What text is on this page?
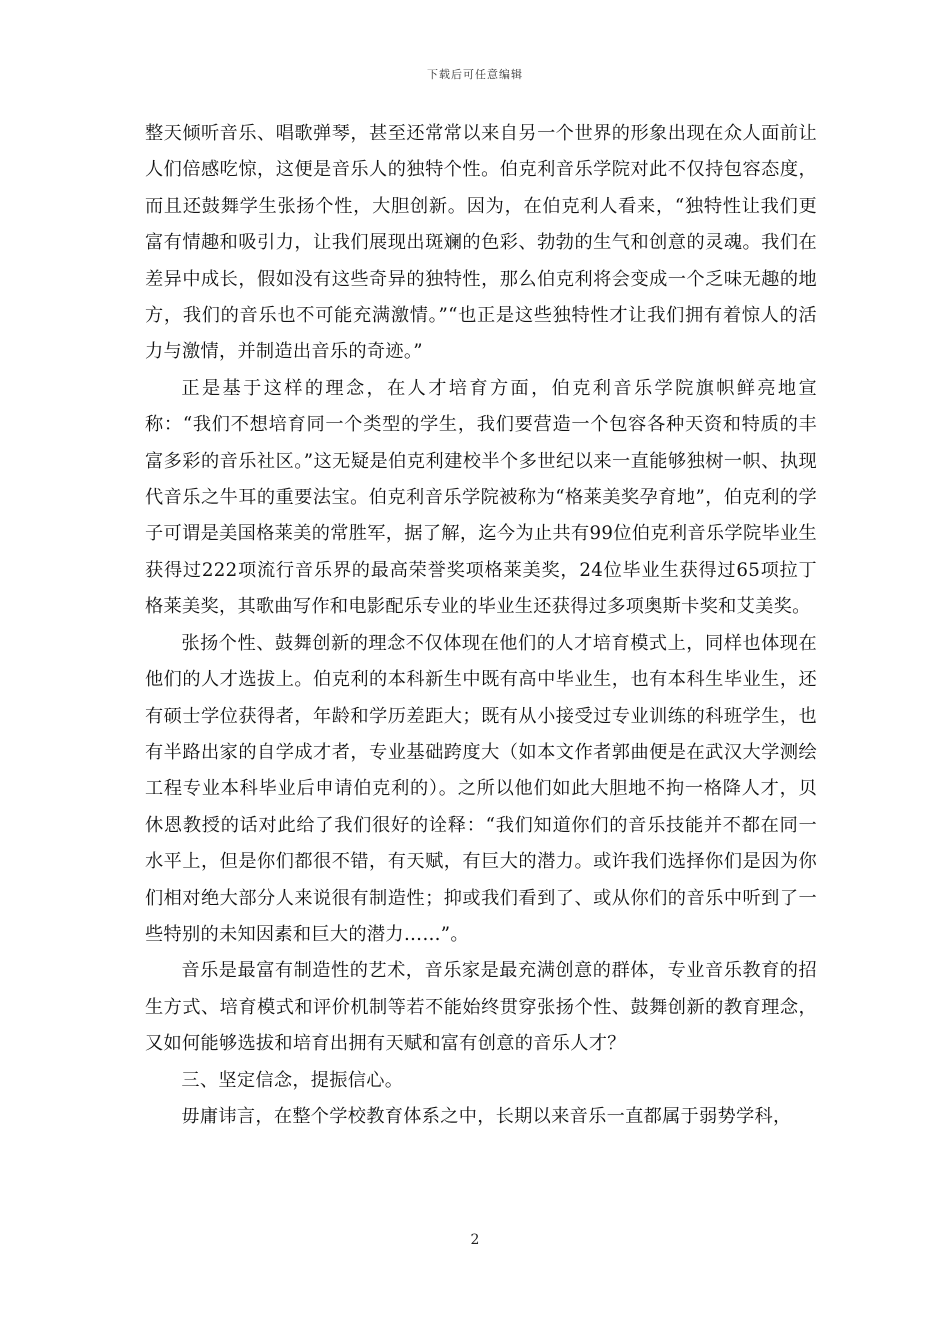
下载后可任意编辑

整天倾听音乐、唱歌弹琴，甚至还常常以来自另一个世界的形象出现在众人面前让人们倍感吃惊，这便是音乐人的独特个性。伯克利音乐学院对此不仅持包容态度，而且还鼓舞学生张扬个性，大胆创新。因为，在伯克利人看来，“独特性让我们更富有情趣和吸引力，让我们展现出斑斓的色彩、勃勃的生气和创意的灵魂。我们在差异中成长，假如没有这些奇异的独特性，那么伯克利将会变成一个乏味无趣的地方，我们的音乐也不可能充满激情。”“也正是这些独特性才让我们拥有着惊人的活力与激情，并制造出音乐的奇迹。”

正是基于这样的理念，在人才培育方面，伯克利音乐学院旗帜鲜亮地宣称：“我们不想培育同一个类型的学生，我们要营造一个包容各种天资和特质的丰富多彩的音乐社区。”这无疑是伯克利建校半个多世纪以来一直能够独树一帜、执现代音乐之牛耳的重要法宝。伯克利音乐学院被称为“格莱美奖孕育地”，伯克利的学子可谓是美国格莱美的常胜军，据了解，迄今为止共有99位伯克利音乐学院毕业生获得过222项流行音乐界的最高荣誉奖项格莱美奖，24位毕业生获得过65项拉丁格莱美奖，其歌曲写作和电影配乐专业的毕业生还获得过多项奥斯卡奖和艾美奖。

张扬个性、鼓舞创新的理念不仅体现在他们的人才培育模式上，同样也体现在他们的人才选拔上。伯克利的本科新生中既有高中毕业生，也有本科生毕业生，还有硕士学位获得者，年龄和学历差距大；既有从小接受过专业训练的科班学生，也有半路出家的自学成才者，专业基础跨度大（如本文作者郭曲便是在武汉大学测绘工程专业本科毕业后申请伯克利的）。之所以他们如此大胆地不拘一格降人才，贝休恩教授的话对此给了我们很好的诠释：“我们知道你们的音乐技能并不都在同一水平上，但是你们都很不错，有天赋，有巨大的潜力。或许我们选择你们是因为你们相对绝大部分人来说很有制造性；抑或我们看到了、或从你们的音乐中听到了一些特别的未知因素和巨大的潜力……”。

音乐是最富有制造性的艺术，音乐家是最充满创意的群体，专业音乐教育的招生方式、培育模式和评价机制等若不能始终贯穿张扬个性、鼓舞创新的教育理念，又如何能够选拔和培育出拥有天赋和富有创意的音乐人才？

三、坚定信念，提振信心。

毋庸讳言，在整个学校教育体系之中，长期以来音乐一直都属于弱势学科，

2
